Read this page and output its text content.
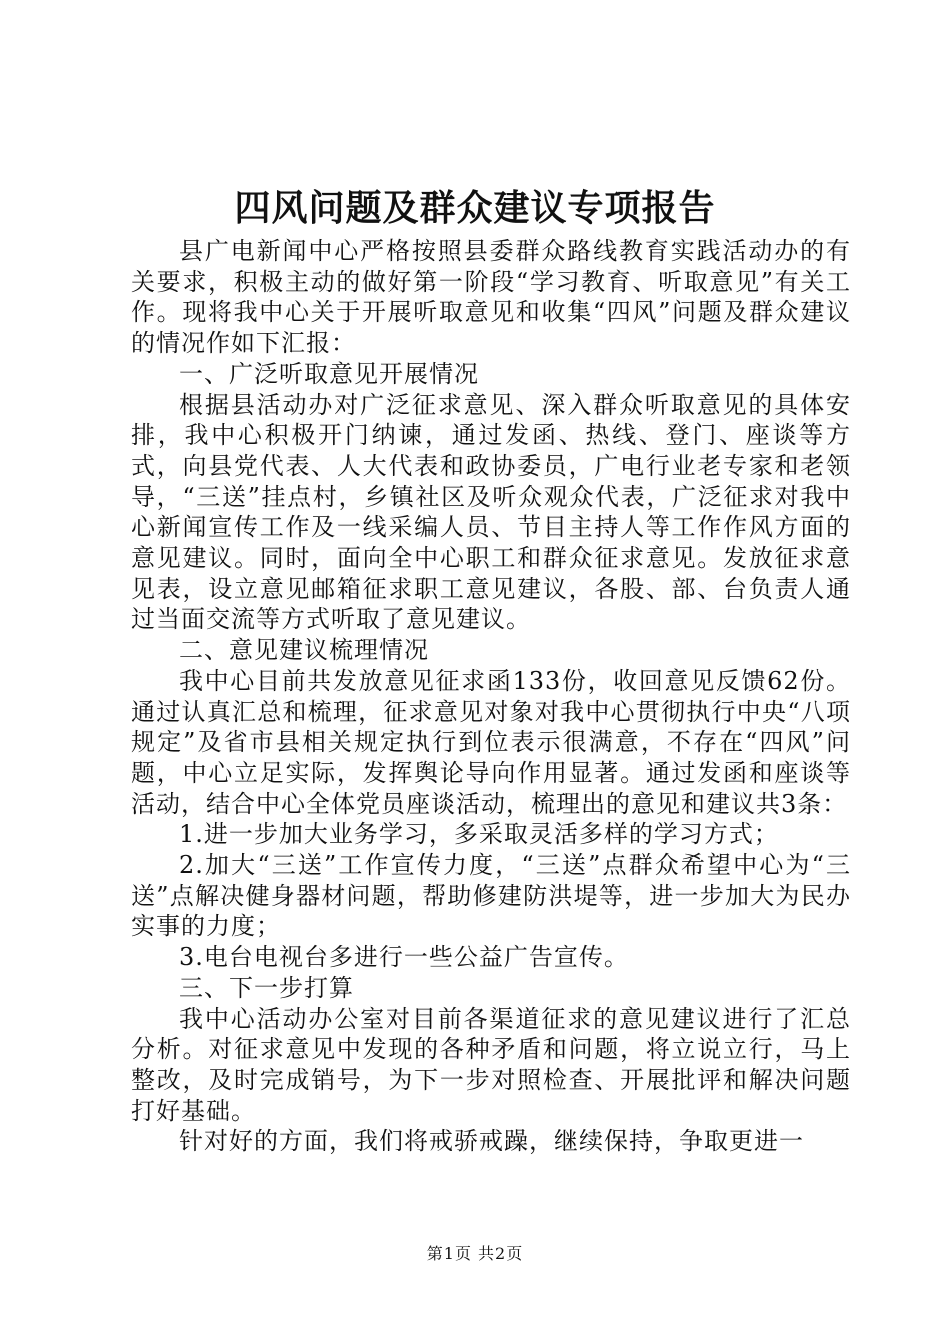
四风问题及群众建议专项报告

县广电新闻中心严格按照县委群众路线教育实践活动办的有关要求，积极主动的做好第一阶段“学习教育、听取意见”有关工作。现将我中心关于开展听取意见和收集“四风”问题及群众建议的情况作如下汇报：

一、广泛听取意见开展情况

根据县活动办对广泛征求意见、深入群众听取意见的具体安排，我中心积极开门纳谏，通过发函、热线、登门、座谈等方式，向县党代表、人大代表和政协委员，广电行业老专家和老领导，“三送”挂点村，乡镇社区及听众观众代表，广泛征求对我中心新闻宣传工作及一线采编人员、节目主持人等工作作风方面的意见建议。同时，面向全中心职工和群众征求意见。发放征求意见表，设立意见邮箱征求职工意见建议，各股、部、台负责人通过当面交流等方式听取了意见建议。

二、意见建议梳理情况

我中心目前共发放意见征求函133份，收回意见反馈62份。通过认真汇总和梳理，征求意见对象对我中心贯彻执行中央“八项规定”及省市县相关规定执行到位表示很满意，不存在“四风”问题，中心立足实际，发挥舆论导向作用显著。通过发函和座谈等活动，结合中心全体党员座谈活动，梳理出的意见和建议共3条：

1.进一步加大业务学习，多采取灵活多样的学习方式；

2.加大“三送”工作宣传力度，“三送”点群众希望中心为“三送”点解决健身器材问题，帮助修建防洪堤等，进一步加大为民办实事的力度；

3.电台电视台多进行一些公益广告宣传。

三、下一步打算

我中心活动办公室对目前各渠道征求的意见建议进行了汇总分析。对征求意见中发现的各种矛盾和问题，将立说立行，马上整改，及时完成销号，为下一步对照检查、开展批评和解决问题打好基础。

针对好的方面，我们将戒骄戒躁，继续保持，争取更进一

第1页 共2页
